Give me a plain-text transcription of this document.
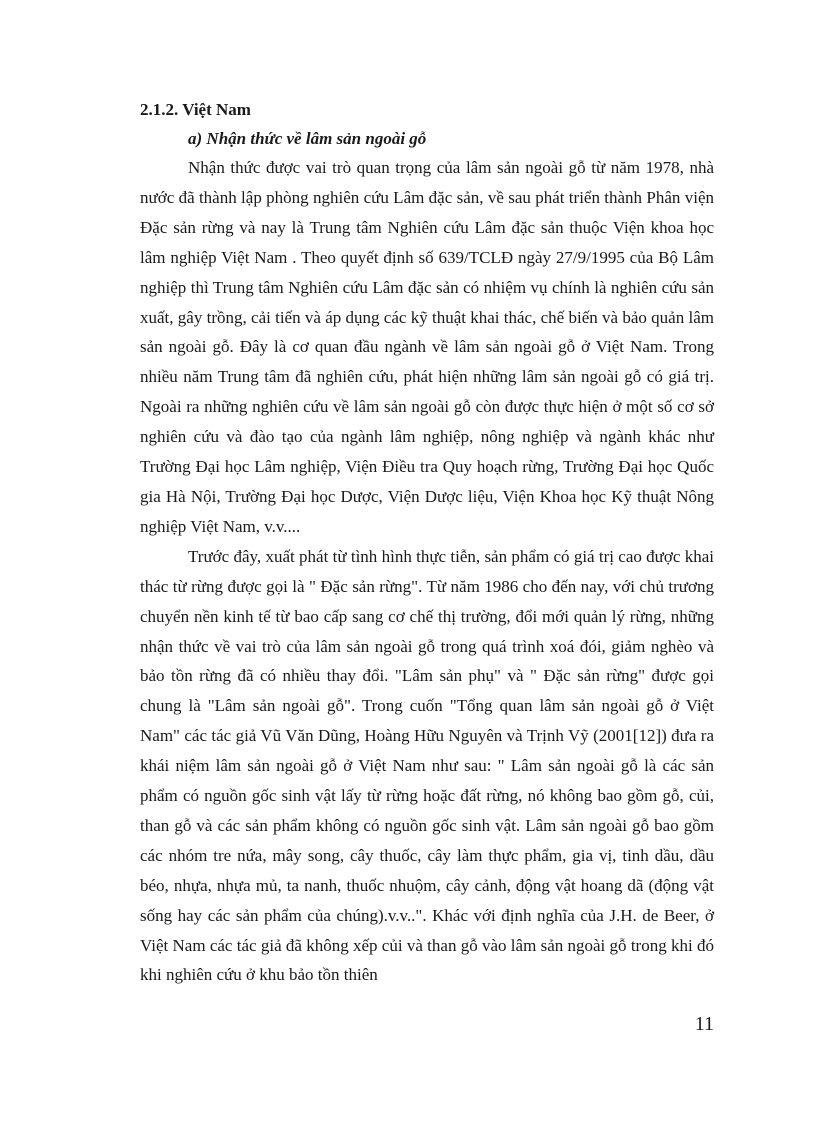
2.1.2. Việt Nam

a) Nhận thức về lâm sản ngoài gỗ

Nhận thức được vai trò quan trọng của lâm sản ngoài gỗ từ năm 1978, nhà nước đã thành lập phòng nghiên cứu Lâm đặc sản, về sau phát triển thành Phân viện Đặc sản rừng và nay là Trung tâm Nghiên cứu Lâm đặc sản thuộc Viện khoa học lâm nghiệp Việt Nam . Theo quyết định số 639/TCLĐ ngày 27/9/1995 của Bộ Lâm nghiệp thì Trung tâm Nghiên cứu Lâm đặc sản có nhiệm vụ chính là nghiên cứu sản xuất, gây trồng, cải tiến và áp dụng các kỹ thuật khai thác, chế biến và bảo quản lâm sản ngoài gỗ. Đây là cơ quan đầu ngành về lâm sản ngoài gỗ ở Việt Nam. Trong nhiều năm Trung tâm đã nghiên cứu, phát hiện những lâm sản ngoài gỗ có giá trị. Ngoài ra những nghiên cứu về lâm sản ngoài gỗ còn được thực hiện ở một số cơ sở nghiên cứu và đào tạo của ngành lâm nghiệp, nông nghiệp và ngành khác như Trường Đại học Lâm nghiệp, Viện Điều tra Quy hoạch rừng, Trường Đại học Quốc gia Hà Nội, Trường Đại học Dược, Viện Dược liệu, Viện Khoa học Kỹ thuật Nông nghiệp Việt Nam, v.v....

Trước đây, xuất phát từ tình hình thực tiễn, sản phẩm có giá trị cao được khai thác từ rừng được gọi là " Đặc sản rừng". Từ năm 1986 cho đến nay, với chủ trương chuyển nền kinh tế từ bao cấp sang cơ chế thị trường, đổi mới quản lý rừng, những nhận thức về vai trò của lâm sản ngoài gỗ trong quá trình xoá đói, giảm nghèo và bảo tồn rừng đã có nhiều thay đổi. "Lâm sản phụ" và " Đặc sản rừng" được gọi chung là "Lâm sản ngoài gỗ". Trong cuốn "Tổng quan lâm sản ngoài gỗ ở Việt Nam" các tác giả Vũ Văn Dũng, Hoàng Hữu Nguyên và Trịnh Vỹ (2001[12]) đưa ra khái niệm lâm sản ngoài gỗ ở Việt Nam như sau: " Lâm sản ngoài gỗ là các sản phẩm có nguồn gốc sinh vật lấy từ rừng hoặc đất rừng, nó không bao gồm gỗ, củi, than gỗ và các sản phẩm không có nguồn gốc sinh vật. Lâm sản ngoài gỗ bao gồm các nhóm tre nứa, mây song, cây thuốc, cây làm thực phẩm, gia vị, tinh dầu, dầu béo, nhựa, nhựa mủ, ta nanh, thuốc nhuộm, cây cảnh, động vật hoang dã (động vật sống hay các sản phẩm của chúng).v.v..". Khác với định nghĩa của J.H. de Beer, ở Việt Nam các tác giả đã không xếp củi và than gỗ vào lâm sản ngoài gỗ trong khi đó khi nghiên cứu ở khu bảo tồn thiên

11
